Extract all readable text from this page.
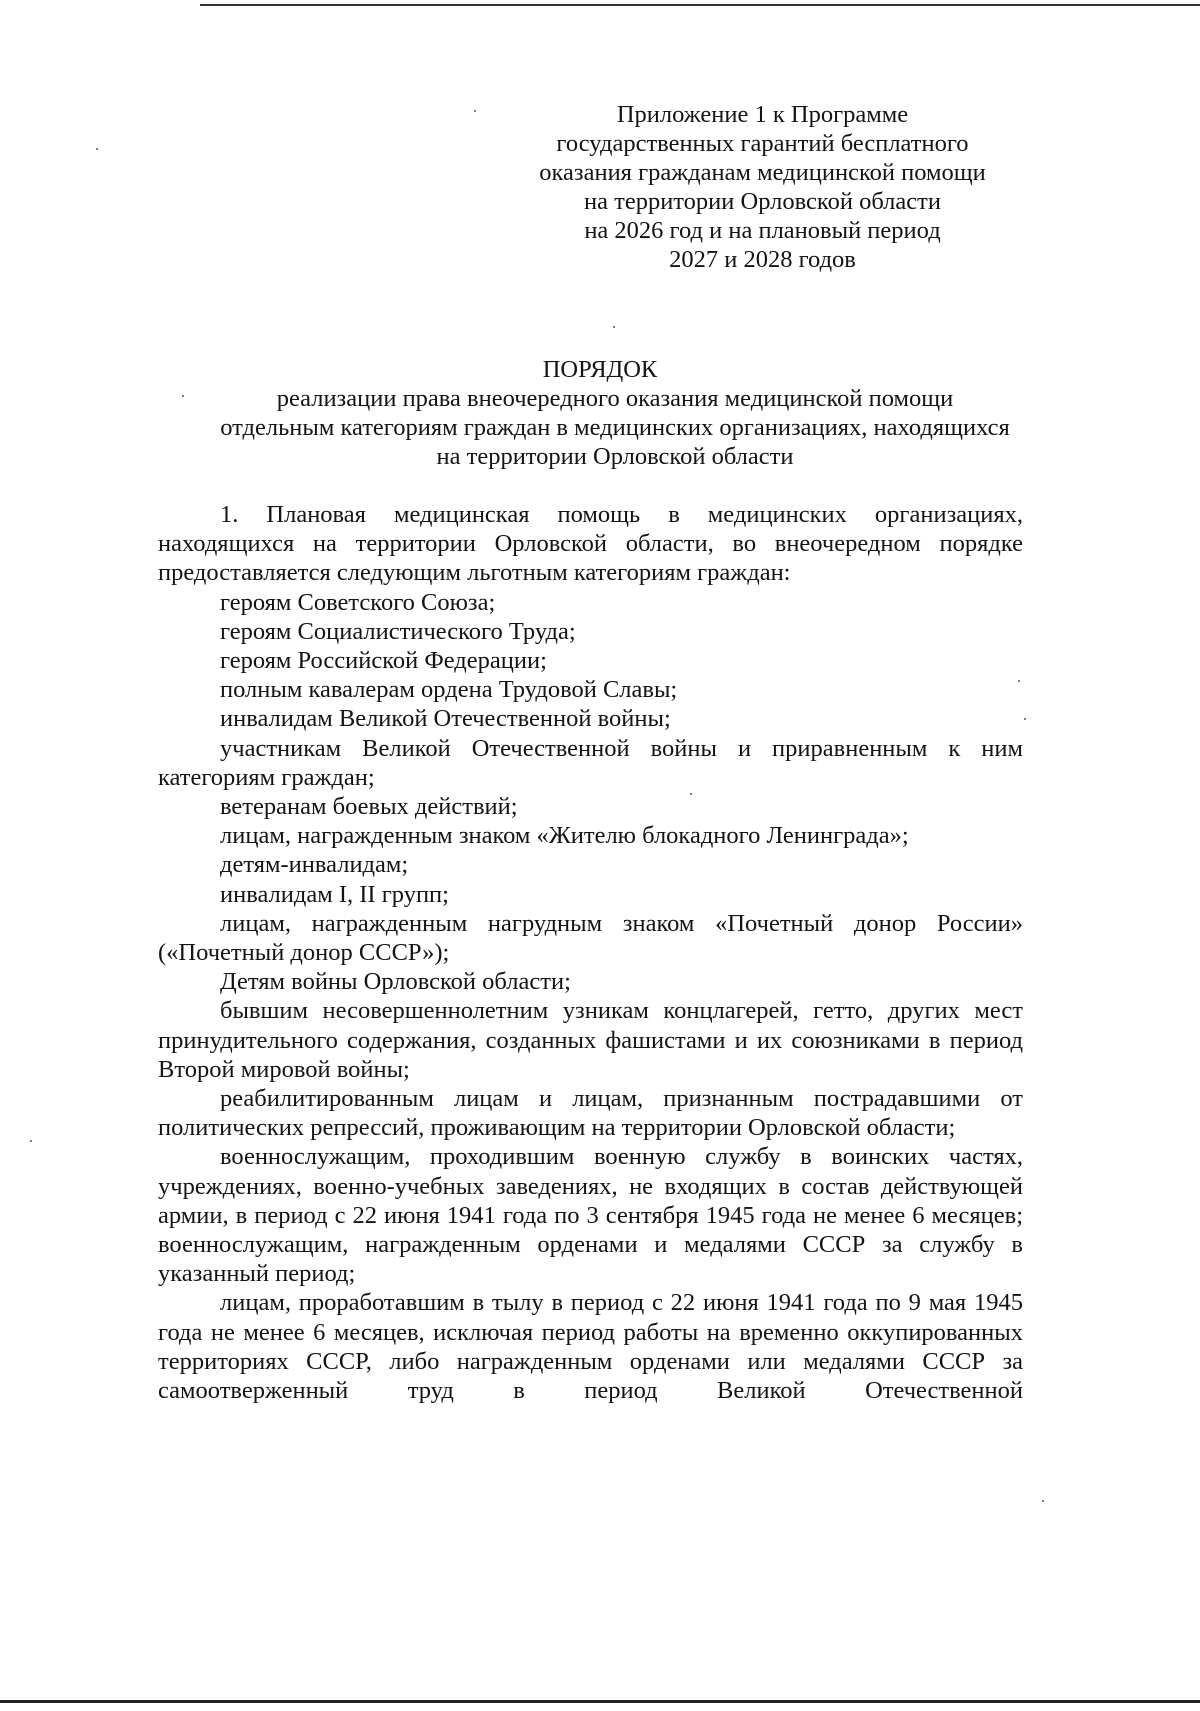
Приложение 1 к Программе
государственных гарантий бесплатного
оказания гражданам медицинской помощи
на территории Орловской области
на 2026 год и на плановый период
2027 и 2028 годов
ПОРЯДОК
реализации права внеочередного оказания медицинской помощи
отдельным категориям граждан в медицинских организациях, находящихся
на территории Орловской области

1. Плановая медицинская помощь в медицинских организациях, находящихся на территории Орловской области, во внеочередном порядке предоставляется следующим льготным категориям граждан:

героям Советского Союза;

героям Социалистического Труда;

героям Российской Федерации;

полным кавалерам ордена Трудовой Славы;

инвалидам Великой Отечественной войны;

участникам Великой Отечественной войны и приравненным к ним категориям граждан;

ветеранам боевых действий;

лицам, награжденным знаком «Жителю блокадного Ленинграда»;

детям-инвалидам;

инвалидам I, II групп;

лицам, награжденным нагрудным знаком «Почетный донор России» («Почетный донор СССР»);

Детям войны Орловской области;

бывшим несовершеннолетним узникам концлагерей, гетто, других мест принудительного содержания, созданных фашистами и их союзниками в период Второй мировой войны;

реабилитированным лицам и лицам, признанным пострадавшими от политических репрессий, проживающим на территории Орловской области;

военнослужащим, проходившим военную службу в воинских частях, учреждениях, военно-учебных заведениях, не входящих в состав действующей армии, в период с 22 июня 1941 года по 3 сентября 1945 года не менее 6 месяцев; военнослужащим, награжденным орденами и медалями СССР за службу в указанный период;

лицам, проработавшим в тылу в период с 22 июня 1941 года по 9 мая 1945 года не менее 6 месяцев, исключая период работы на временно оккупированных территориях СССР, либо награжденным орденами или медалями СССР за самоотверженный труд в период Великой Отечественной
